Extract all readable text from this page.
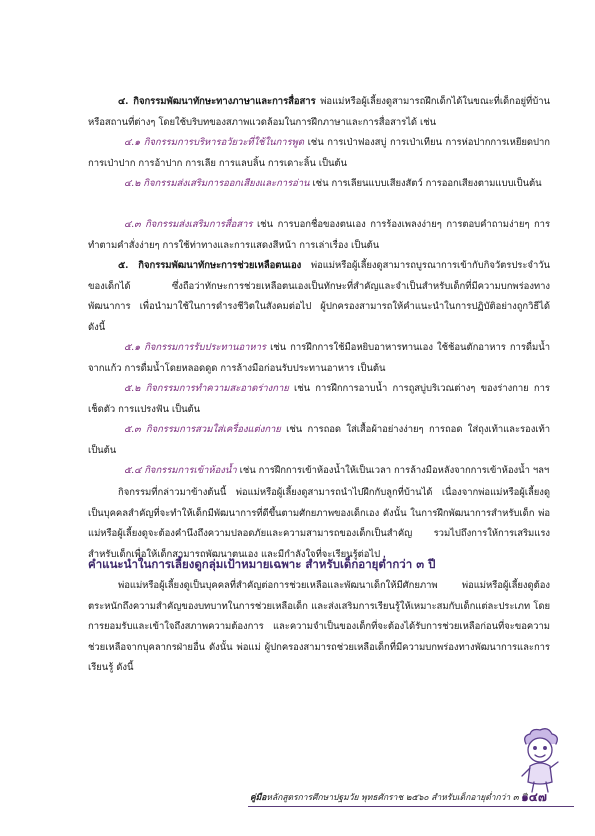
๔. กิจกรรมพัฒนาทักษะทางภาษาและการสื่อสาร พ่อแม่หรือผู้เลี้ยงดูสามารถฝึกเด็กได้ในขณะที่เด็กอยู่ที่บ้านหรือสถานที่ต่างๆ โดยใช้บริบทของสภาพแวดล้อมในการฝึกภาษาและการสื่อสารได้ เช่น

๔.๑ กิจกรรมการบริหารอวัยวะที่ใช้ในการพูด เช่น การเป่าฟองสบู่ การเป่าเทียน การห่อปากการเหยียดปาก การเป่าปาก การอ้าปาก การเลีย การแลบลิ้น การเดาะลิ้น เป็นต้น

๔.๒ กิจกรรมส่งเสริมการออกเสียงและการอ่าน เช่น การเลียนแบบเสียงสัตว์ การออกเสียงตามแบบเป็นต้น

๔.๓ กิจกรรมส่งเสริมการสื่อสาร เช่น การบอกชื่อของตนเอง การร้องเพลงง่ายๆ การตอบคำถามง่ายๆ การทำตามคำสั่งง่ายๆ การใช้ท่าทางและการแสดงสีหน้า การเล่าเรื่อง เป็นต้น

๕. กิจกรรมพัฒนาทักษะการช่วยเหลือตนเอง พ่อแม่หรือผู้เลี้ยงดูสามารถบูรณาการเข้ากับกิจวัตรประจำวันของเด็กได้ ซึ่งถือว่าทักษะการช่วยเหลือตนเองเป็นทักษะที่สำคัญและจำเป็นสำหรับเด็กที่มีความบกพร่องทางพัฒนาการ เพื่อนำมาใช้ในการดำรงชีวิตในสังคมต่อไป ผู้ปกครองสามารถให้คำแนะนำในการปฏิบัติอย่างถูกวิธีได้ ดังนี้

๕.๑ กิจกรรมการรับประทานอาหาร เช่น การฝึกการใช้มือหยิบอาหารทานเอง ใช้ช้อนตักอาหาร การดื่มน้ำจากแก้ว การดื่มน้ำโดยหลอดดูด การล้างมือก่อนรับประทานอาหาร เป็นต้น

๕.๒ กิจกรรมการทำความสะอาดร่างกาย เช่น การฝึกการอาบน้ำ การถูสบู่บริเวณต่างๆ ของร่างกาย การเช็ดตัว การแปรงฟัน เป็นต้น

๕.๓ กิจกรรมการสวมใส่เครื่องแต่งกาย เช่น การถอด ใส่เสื้อผ้าอย่างง่ายๆ การถอด ใส่ถุงเท้าและรองเท้า เป็นต้น

๕.๔ กิจกรรมการเข้าห้องน้ำ เช่น การฝึกการเข้าห้องน้ำให้เป็นเวลา การล้างมือหลังจากการเข้าห้องน้ำ ฯลฯ

กิจกรรมที่กล่าวมาข้างต้นนี้ พ่อแม่หรือผู้เลี้ยงดูสามารถนำไปฝึกกับลูกที่บ้านได้ เนื่องจากพ่อแม่หรือผู้เลี้ยงดูเป็นบุคคลสำคัญที่จะทำให้เด็กมีพัฒนาการที่ดีขึ้นตามศักยภาพของเด็กเอง ดังนั้น ในการฝึกพัฒนาการสำหรับเด็ก พ่อแม่หรือผู้เลี้ยงดูจะต้องคำนึงถึงความปลอดภัยและความสามารถของเด็กเป็นสำคัญ รวมไปถึงการให้การเสริมแรงสำหรับเด็กเพื่อให้เด็กสามารถพัฒนาตนเอง และมีกำลังใจที่จะเรียนรู้ต่อไป

คำแนะนำในการเลี้ยงดูกลุ่มเป้าหมายเฉพาะ สำหรับเด็กอายุต่ำกว่า ๓ ปี

พ่อแม่หรือผู้เลี้ยงดูเป็นบุคคลที่สำคัญต่อการช่วยเหลือและพัฒนาเด็กให้มีศักยภาพ พ่อแม่หรือผู้เลี้ยงดูต้องตระหนักถึงความสำคัญของบทบาทในการช่วยเหลือเด็ก และส่งเสริมการเรียนรู้ให้เหมาะสมกับเด็กแต่ละประเภท โดยการยอมรับและเข้าใจถึงสภาพความต้องการ และความจำเป็นของเด็กที่จะต้องได้รับการช่วยเหลือก่อนที่จะขอความช่วยเหลือจากบุคลากรฝ่ายอื่น ดังนั้น พ่อแม่ ผู้ปกครองสามารถช่วยเหลือเด็กที่มีความบกพร่องทางพัฒนาการและการเรียนรู้ ดังนี้

คู่มือหลักสูตรการศึกษาปฐมวัย พุทธศักราช ๒๕๖๐ สำหรับเด็กอายุต่ำกว่า ๓ ปี
๑๔๗
